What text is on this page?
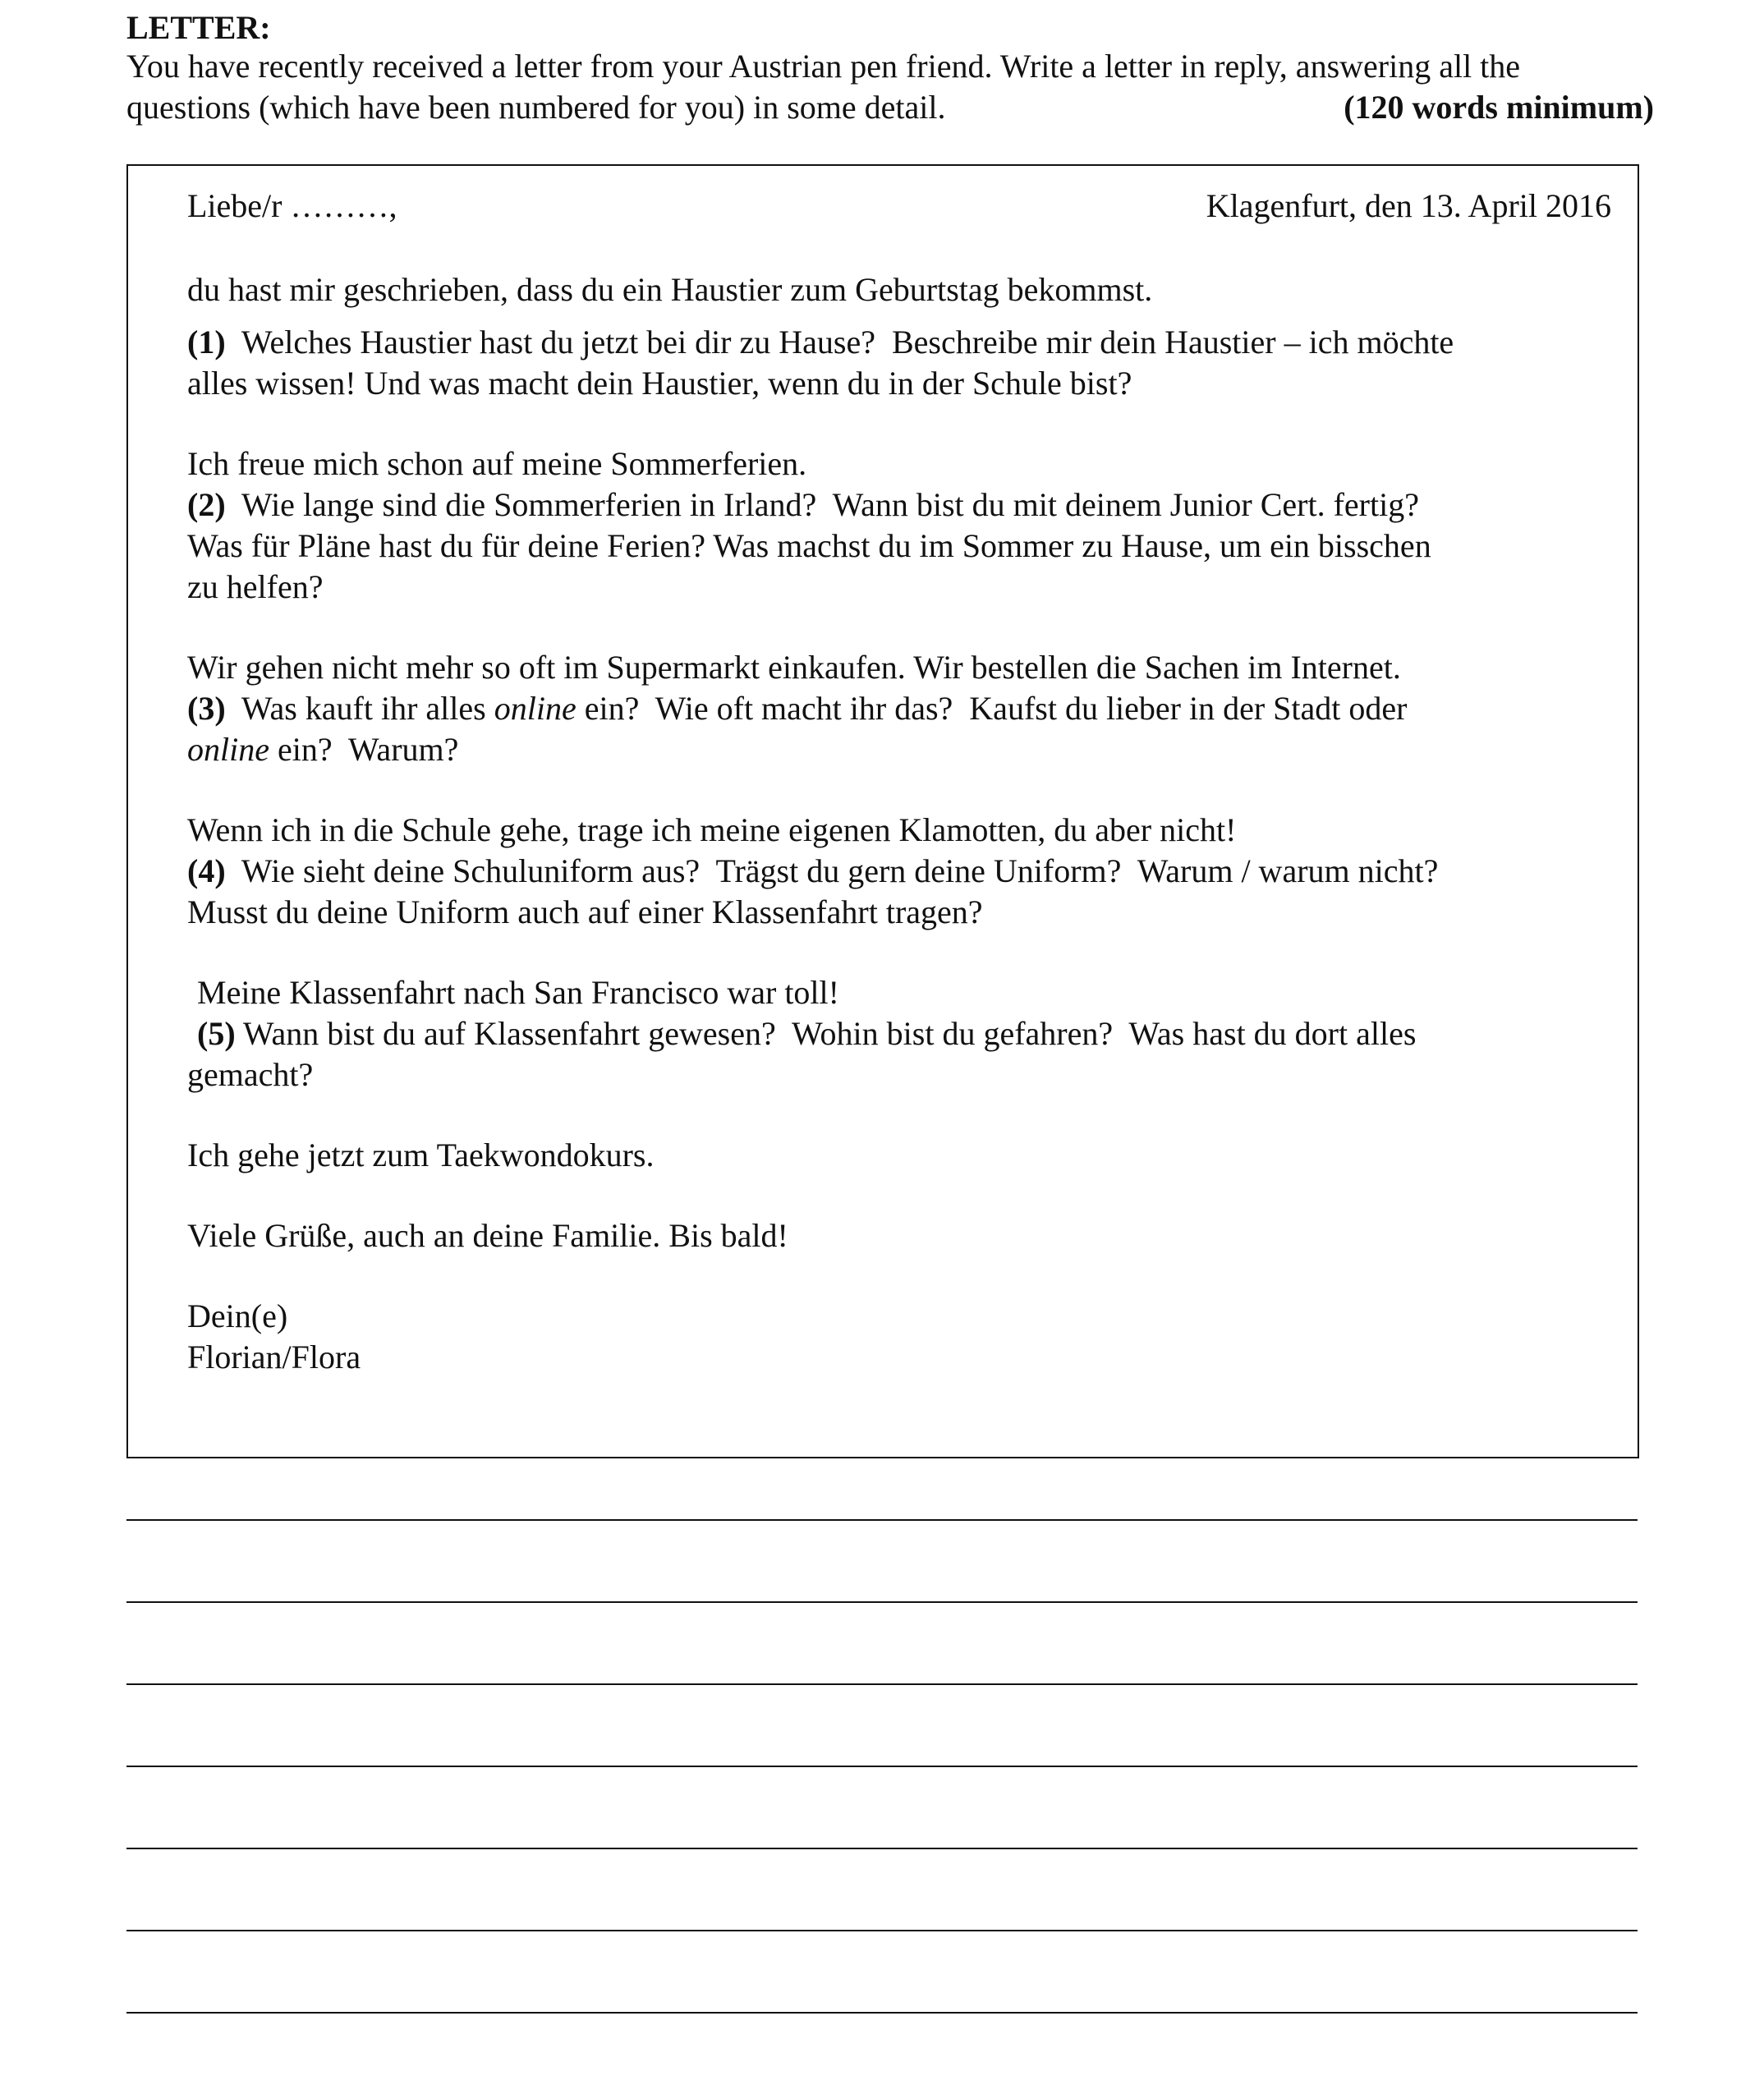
LETTER:
You have recently received a letter from your Austrian pen friend. Write a letter in reply, answering all the
questions (which have been numbered for you) in some detail.	(120 words minimum)
Klagenfurt, den 13. April 2016

Liebe/r ………,

du hast mir geschrieben, dass du ein Haustier zum Geburtstag bekommst.

(1)  Welches Haustier hast du jetzt bei dir zu Hause?  Beschreibe mir dein Haustier – ich möchte

alles wissen! Und was macht dein Haustier, wenn du in der Schule bist?

Ich freue mich schon auf meine Sommerferien.

(2)  Wie lange sind die Sommerferien in Irland?  Wann bist du mit deinem Junior Cert. fertig?

Was für Pläne hast du für deine Ferien? Was machst du im Sommer zu Hause, um ein bisschen

zu helfen?

Wir gehen nicht mehr so oft im Supermarkt einkaufen. Wir bestellen die Sachen im Internet.

(3)  Was kauft ihr alles online ein?  Wie oft macht ihr das?  Kaufst du lieber in der Stadt oder

online ein?  Warum?

Wenn ich in die Schule gehe, trage ich meine eigenen Klamotten, du aber nicht!

(4)  Wie sieht deine Schuluniform aus?  Trägst du gern deine Uniform?  Warum / warum nicht?

Musst du deine Uniform auch auf einer Klassenfahrt tragen?

Meine Klassenfahrt nach San Francisco war toll!

(5) Wann bist du auf Klassenfahrt gewesen?  Wohin bist du gefahren?  Was hast du dort alles

gemacht?

Ich gehe jetzt zum Taekwondokurs.

Viele Grüße, auch an deine Familie. Bis bald!

Dein(e)

Florian/Flora
